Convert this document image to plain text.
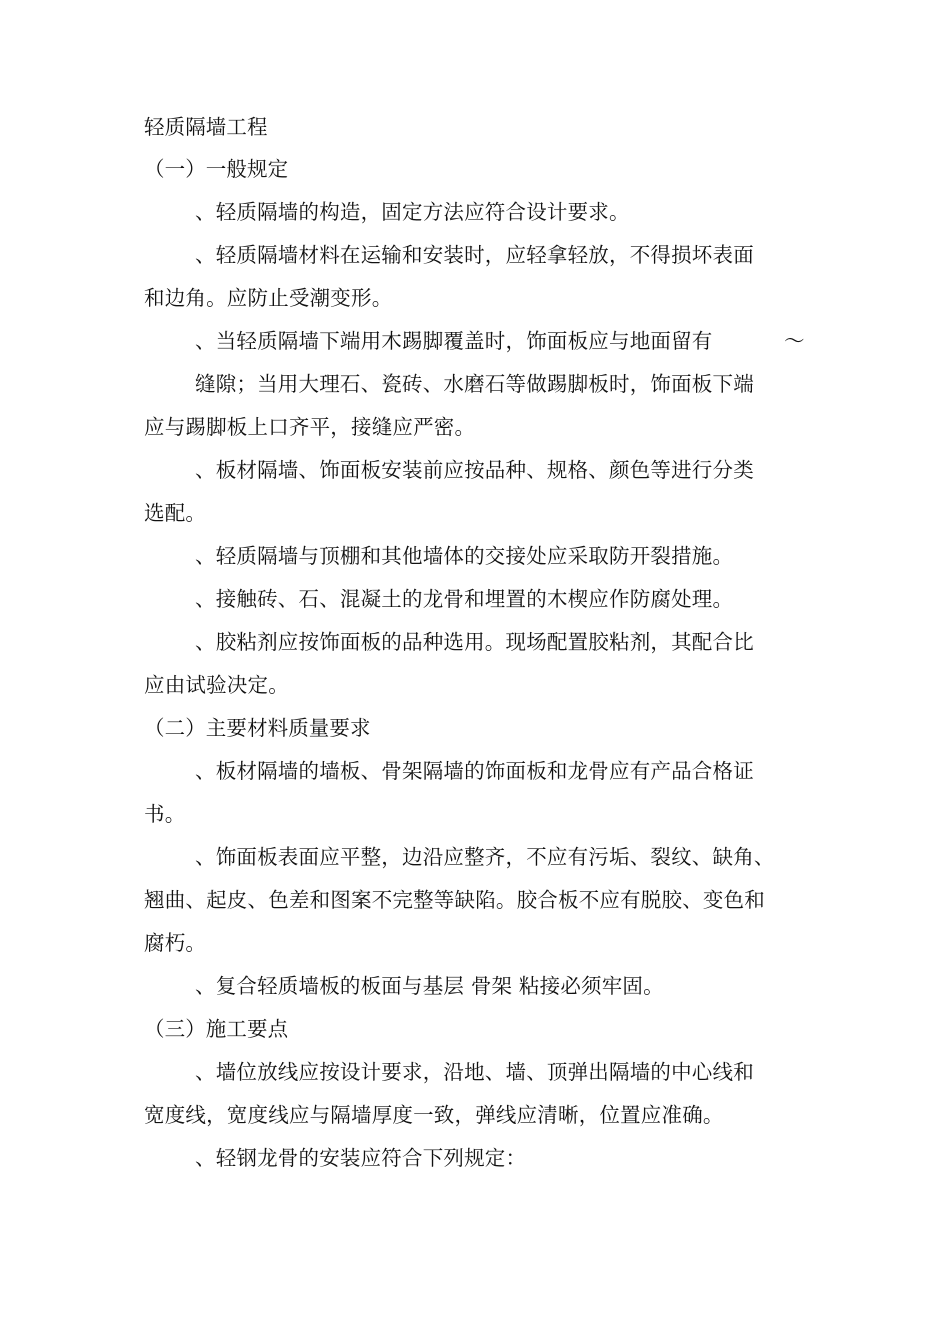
轻质隔墙工程
（一）一般规定
、轻质隔墙的构造，固定方法应符合设计要求。
、轻质隔墙材料在运输和安装时，应轻拿轻放，不得损坏表面
和边角。应防止受潮变形。
、当轻质隔墙下端用木踢脚覆盖时，饰面板应与地面留有	～
缝隙；当用大理石、瓷砖、水磨石等做踢脚板时，饰面板下端
应与踢脚板上口齐平，接缝应严密。
、板材隔墙、饰面板安装前应按品种、规格、颜色等进行分类
选配。
、轻质隔墙与顶棚和其他墙体的交接处应采取防开裂措施。
、接触砖、石、混凝土的龙骨和埋置的木楔应作防腐处理。
、胶粘剂应按饰面板的品种选用。现场配置胶粘剂，其配合比
应由试验决定。
（二）主要材料质量要求
、板材隔墙的墙板、骨架隔墙的饰面板和龙骨应有产品合格证
书。
、饰面板表面应平整，边沿应整齐，不应有污垢、裂纹、缺角、
翘曲、起皮、色差和图案不完整等缺陷。胶合板不应有脱胶、变色和
腐朽。
、复合轻质墙板的板面与基层 骨架 粘接必须牢固。
（三）施工要点
、墙位放线应按设计要求，沿地、墙、顶弹出隔墙的中心线和
宽度线，宽度线应与隔墙厚度一致，弹线应清晰，位置应准确。
、轻钢龙骨的安装应符合下列规定：
